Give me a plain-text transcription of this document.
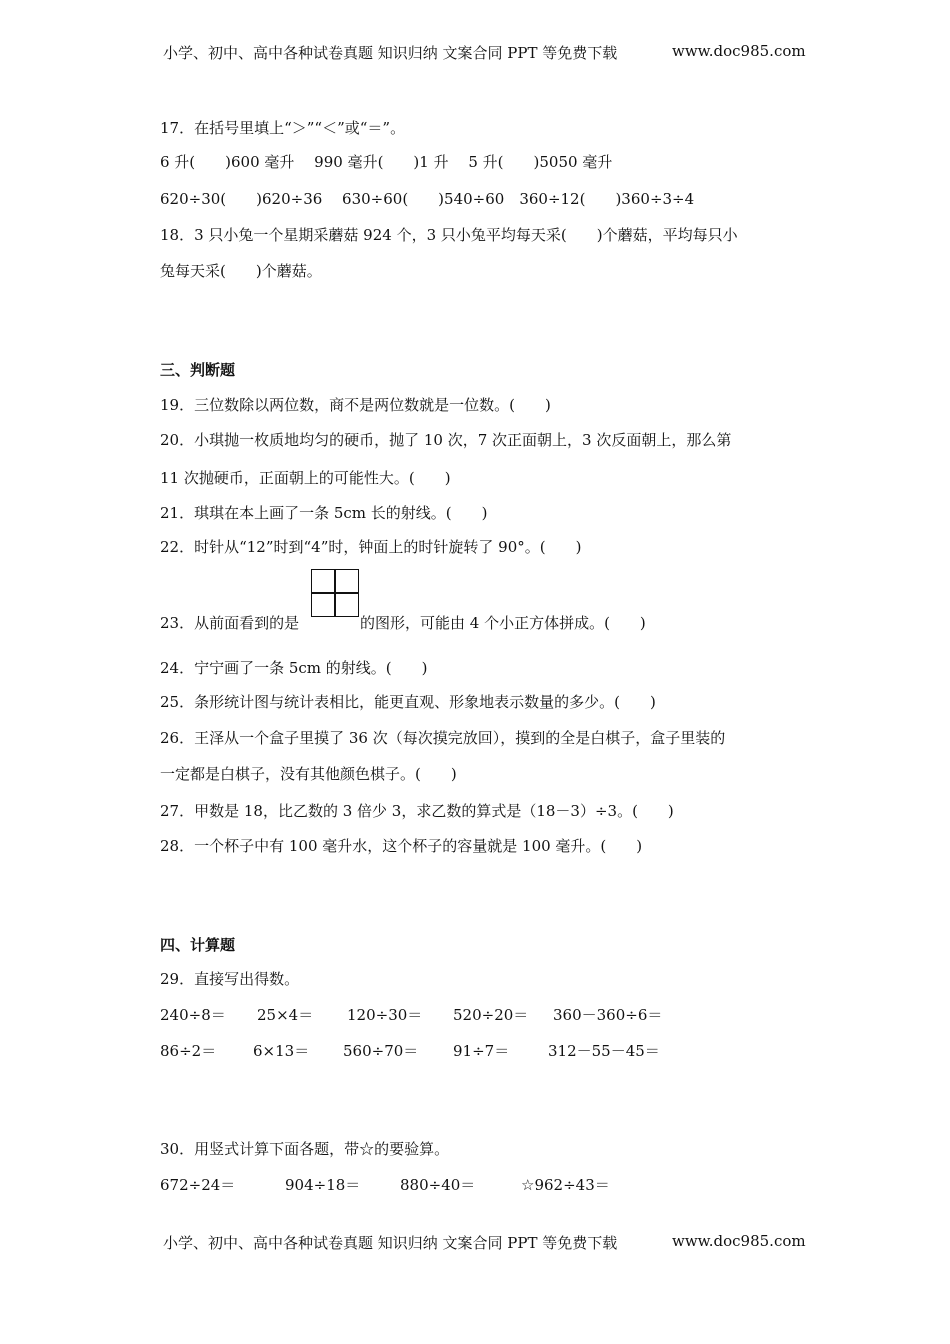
小学、初中、高中各种试卷真题 知识归纳 文案合同 PPT 等免费下载	www.doc985.com
17．在括号里填上“＞”“＜”或“＝”。
6 升(　　)600 毫升　 990 毫升(　　)1 升　 5 升(　　)5050 毫升
620÷30(　　)620÷36　 630÷60(　　)540÷60　360÷12(　　)360÷3÷4
18．3 只小兔一个星期采蘑菇 924 个，3 只小兔平均每天采(　　)个蘑菇，平均每只小
兔每天采(　　)个蘑菇。
三、判断题
19．三位数除以两位数，商不是两位数就是一位数。(　　)
20．小琪抛一枚质地均匀的硬币，抛了 10 次，7 次正面朝上，3 次反面朝上，那么第
11 次抛硬币，正面朝上的可能性大。(　　)
21．琪琪在本上画了一条 5cm 长的射线。(　　)
22．时针从“12”时到“4”时，钟面上的时针旋转了 90°。(　　)
23．从前面看到的是	的图形，可能由 4 个小正方体拼成。(　　)
24．宁宁画了一条 5cm 的射线。(　　)
25．条形统计图与统计表相比，能更直观、形象地表示数量的多少。(　　)
26．王泽从一个盒子里摸了 36 次（每次摸完放回），摸到的全是白棋子，盒子里装的
一定都是白棋子，没有其他颜色棋子。(　　)
27．甲数是 18，比乙数的 3 倍少 3，求乙数的算式是（18－3）÷3。(　　)
28．一个杯子中有 100 毫升水，这个杯子的容量就是 100 毫升。(　　)
四、计算题
29．直接写出得数。
240÷8＝ 25×4＝ 120÷30＝ 520÷20＝ 360－360÷6＝
86÷2＝ 6×13＝ 560÷70＝ 91÷7＝	312－55－45＝
30．用竖式计算下面各题，带☆的要验算。
672÷24＝	904÷18＝	880÷40＝	☆962÷43＝
小学、初中、高中各种试卷真题 知识归纳 文案合同 PPT 等免费下载	www.doc985.com
